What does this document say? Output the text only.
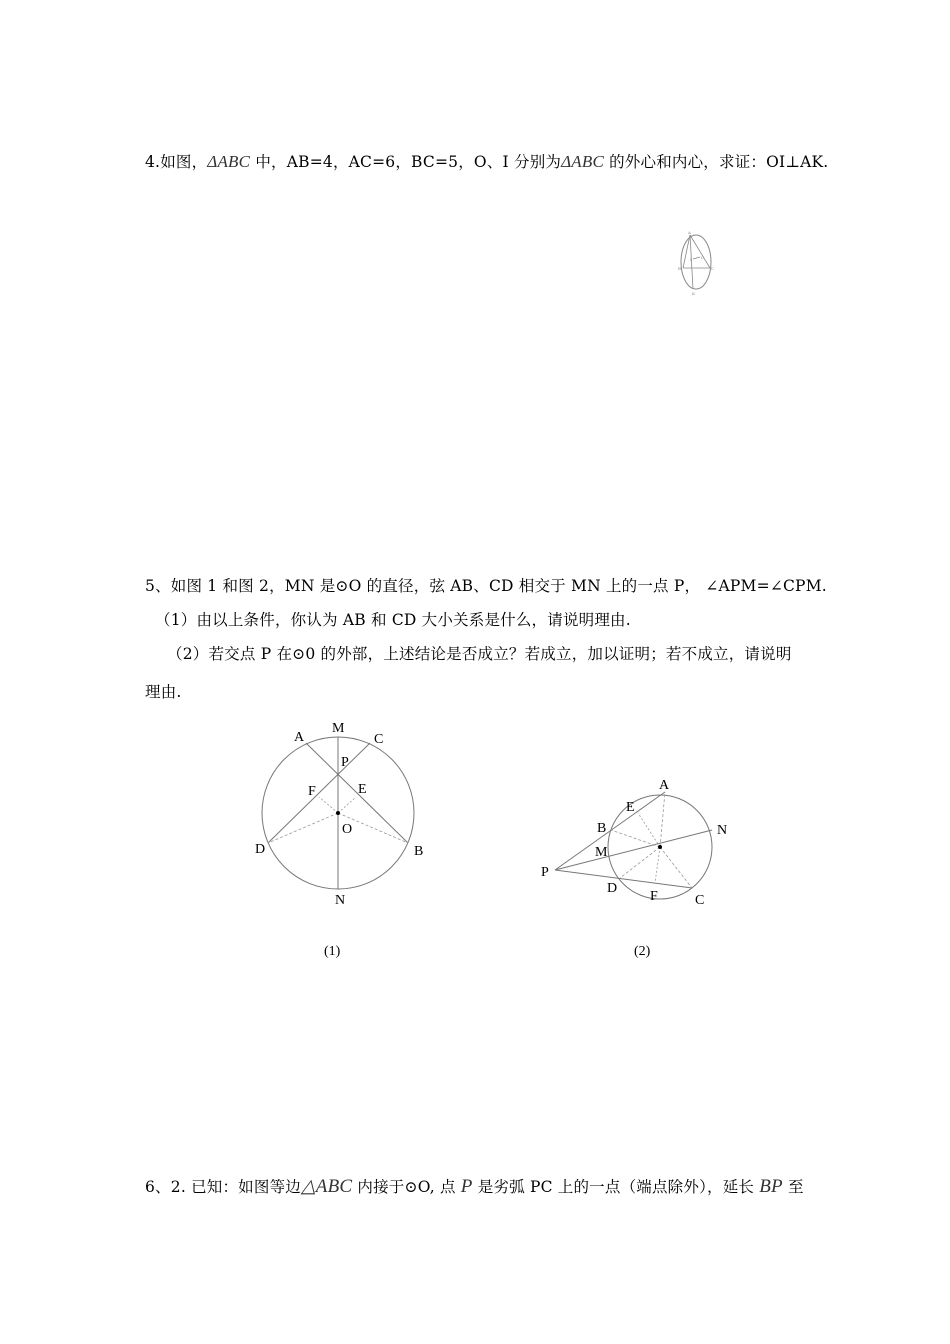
4.如图，ΔABC 中，AB=4，AC=6，BC=5，O、I 分别为ΔABC 的外心和内心，求证：OI⊥AK.
A
B	C
K
O
I
5、如图 1 和图 2，MN 是⊙O 的直径，弦 AB、CD 相交于 MN 上的一点 P， ∠APM=∠CPM.
（1）由以上条件，你认为 AB 和 CD 大小关系是什么，请说明理由.
（2）若交点 P 在⊙0 的外部，上述结论是否成立？若成立，加以证明；若不成立，请说明
理由.
A
M
C
P
F	E
O
D	B
N
(1)
A
E
N
B
M
P
D
F	C
(2)
6、2. 已知：如图等边△ABC 内接于⊙O, 点 P 是劣弧 PC 上的一点（端点除外），延长 BP 至
